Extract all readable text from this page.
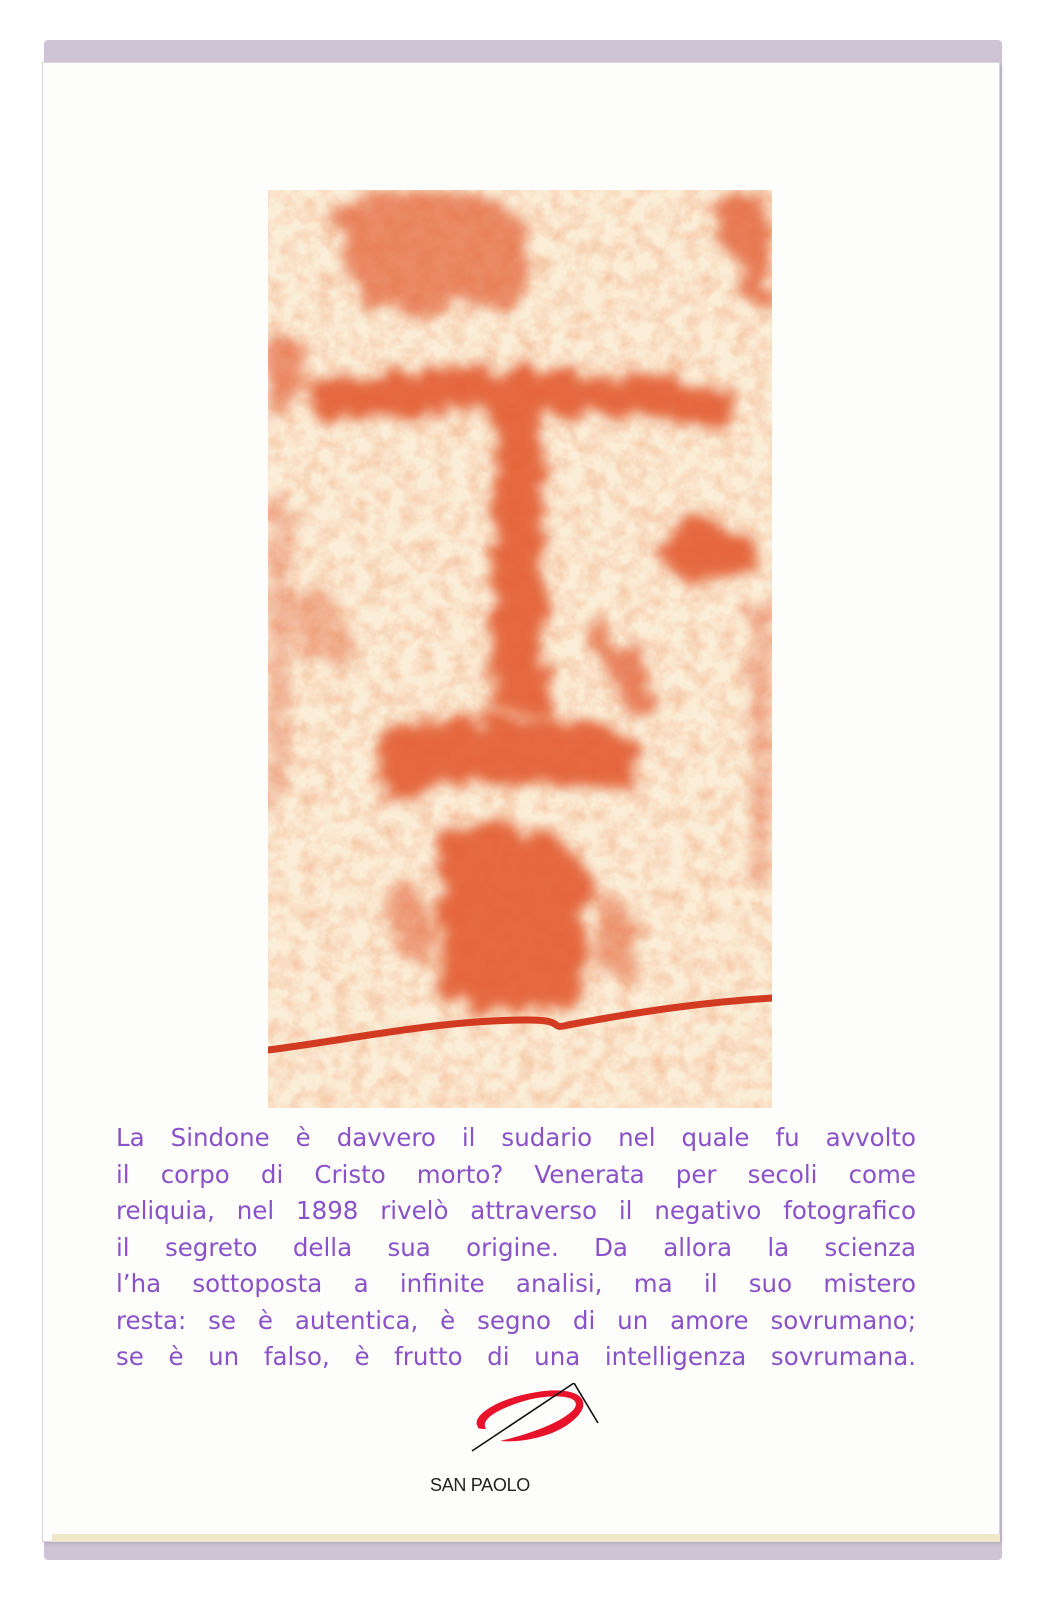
La Sindone è davvero il sudario nel quale fu avvolto
il corpo di Cristo morto? Venerata per secoli come
reliquia, nel 1898 rivelò attraverso il negativo fotografico
il segreto della sua origine. Da allora la scienza
l’ha sottoposta a infinite analisi, ma il suo mistero
resta: se è autentica, è segno di un amore sovrumano;
se è un falso, è frutto di una intelligenza sovrumana.

SAN PAOLO
